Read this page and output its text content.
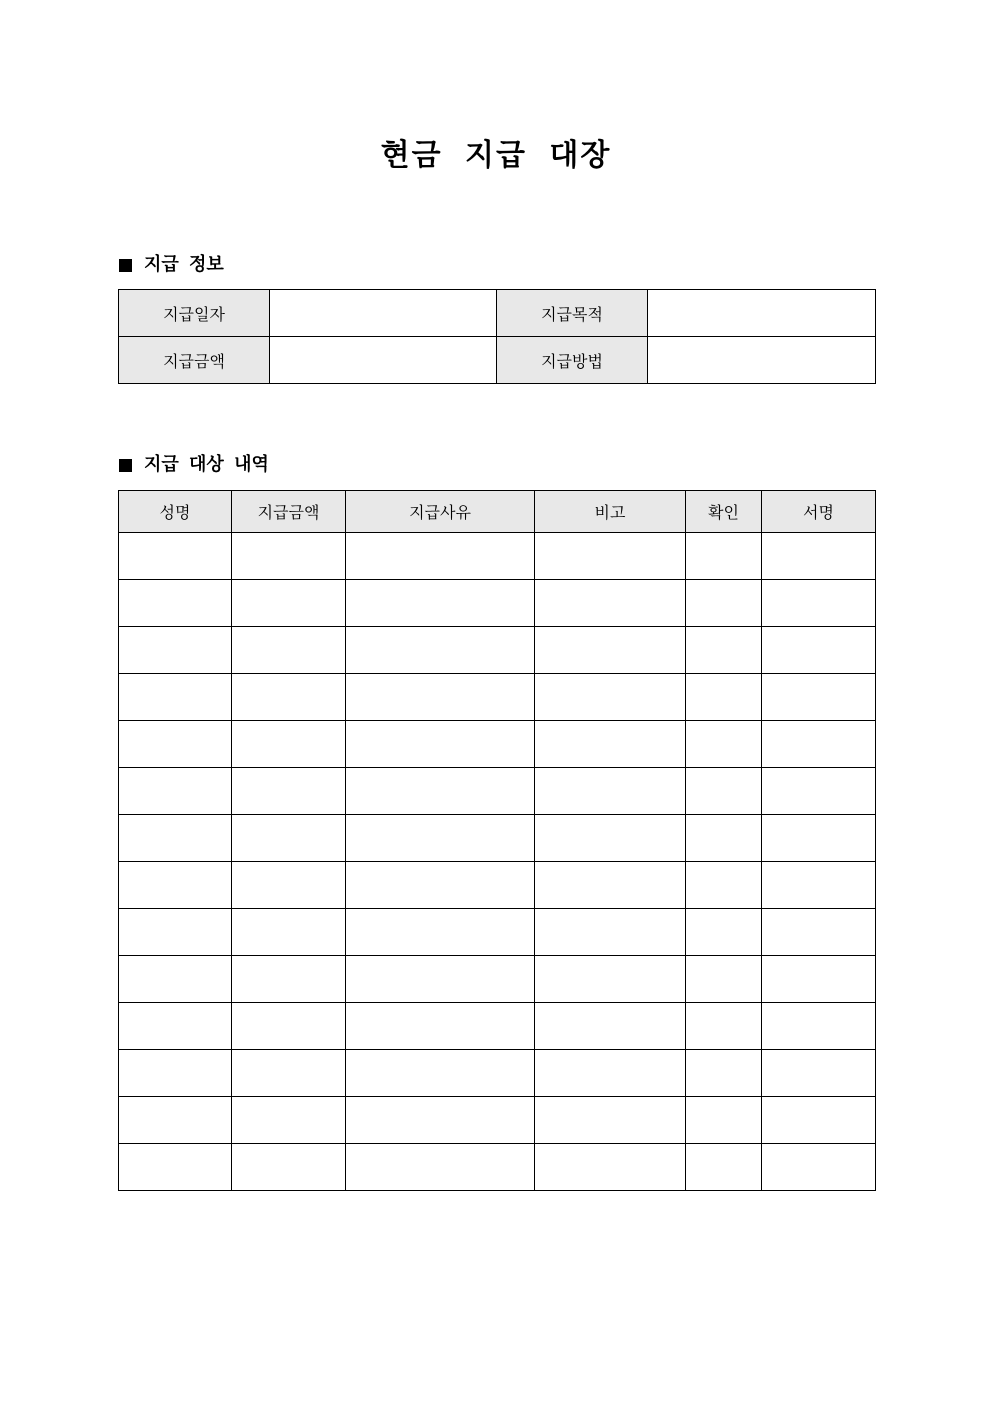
현금 지급 대장
지급 정보
지급일자		지급목적	
지급금액		지급방법	
지급 대상 내역
성명	지급금액	지급사유	비고	확인	서명
